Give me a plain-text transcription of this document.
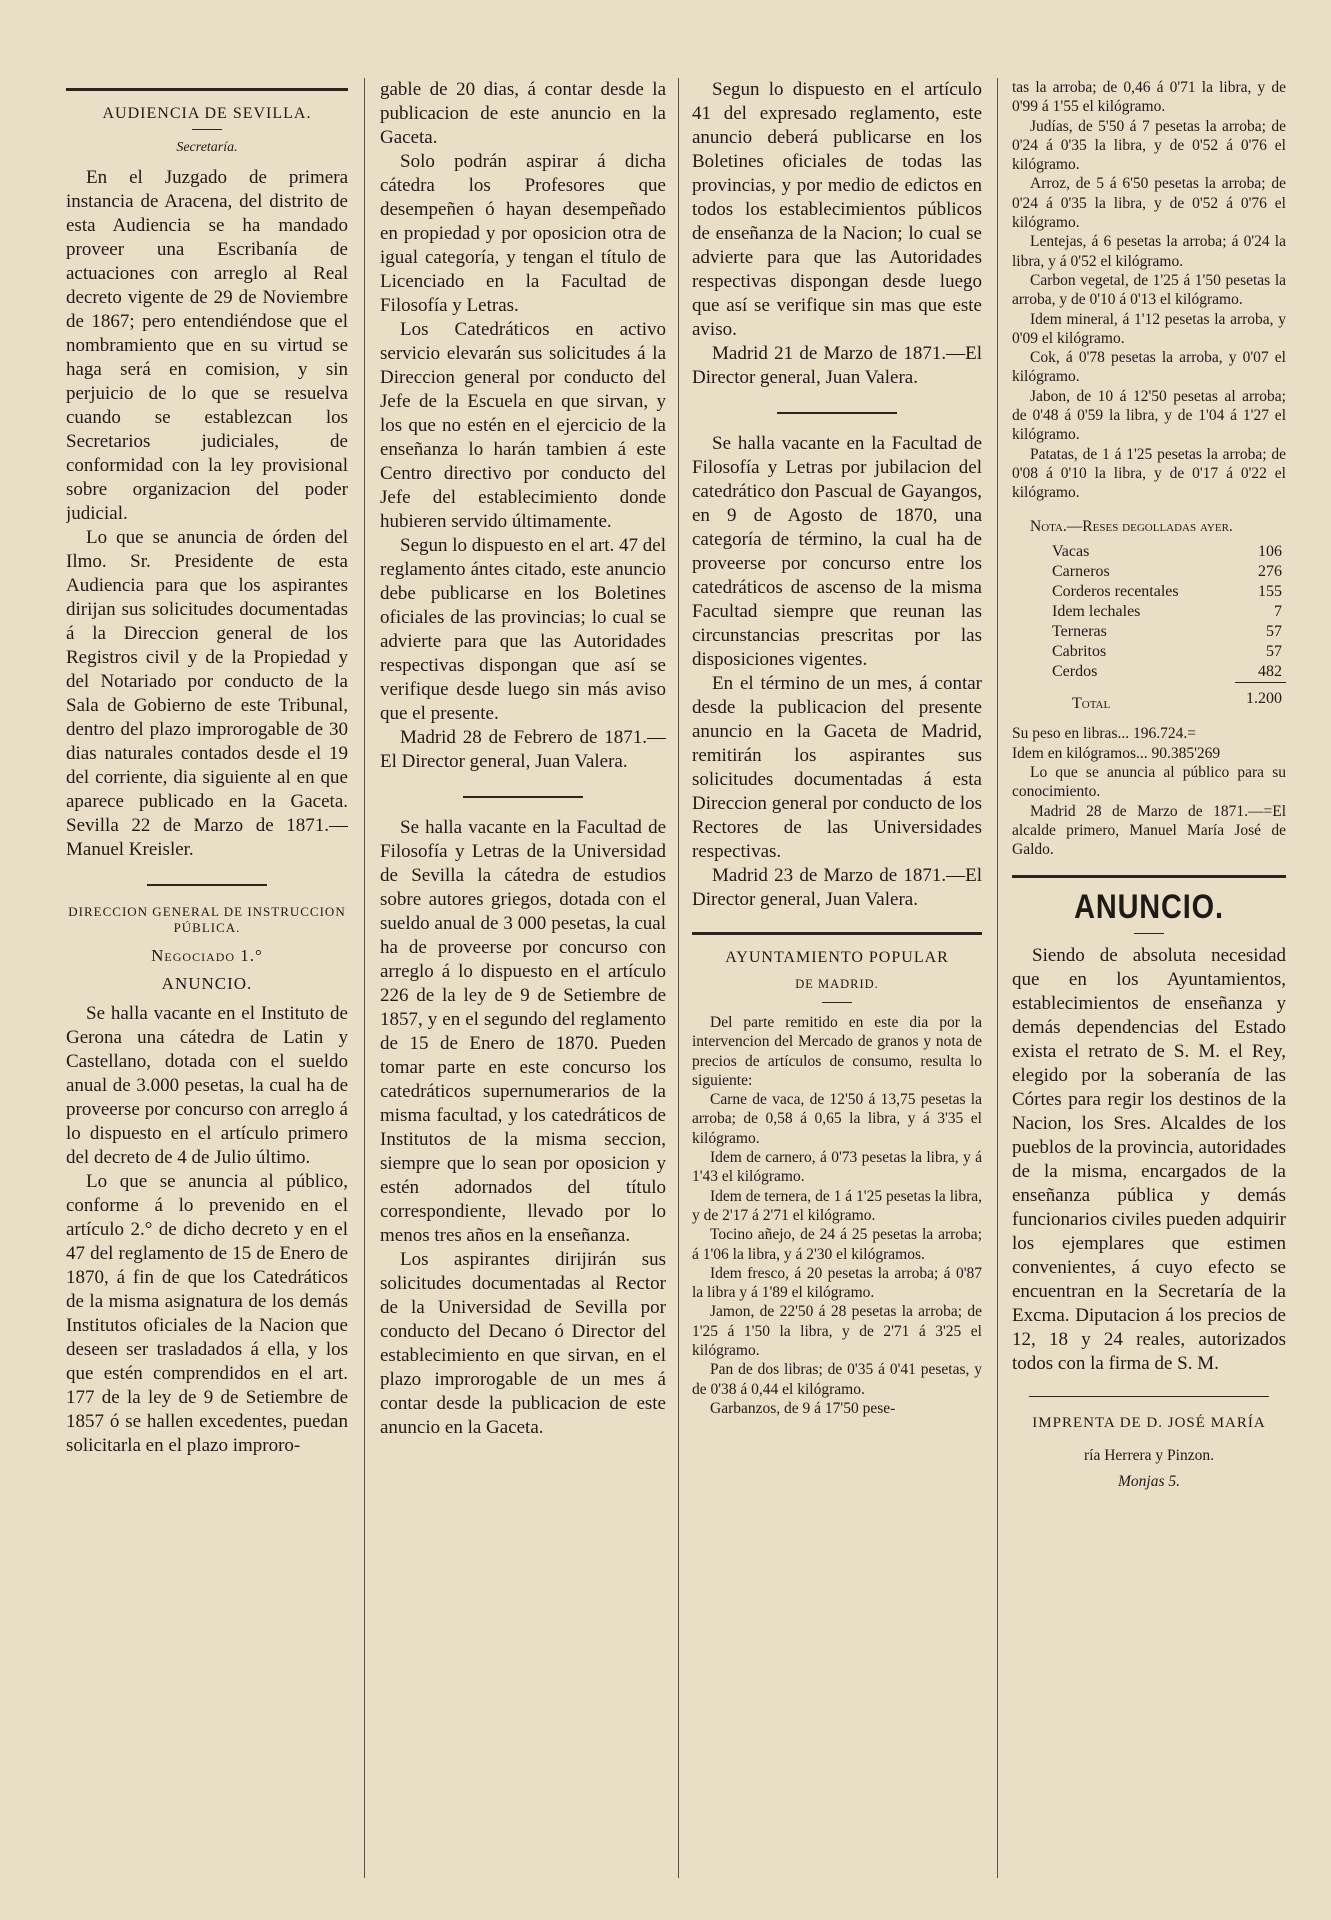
AUDIENCIA DE SEVILLA.
Secretaría.

En el Juzgado de primera instancia de Aracena, del distrito de esta Audiencia se ha mandado proveer una Escribanía de actuaciones con arreglo al Real decreto vigente de 29 de Noviembre de 1867; pero entendiéndose que el nombramiento que en su virtud se haga será en comision, y sin perjuicio de lo que se resuelva cuando se establezcan los Secretarios judiciales, de conformidad con la ley provisional sobre organizacion del poder judicial.

Lo que se anuncia de órden del Ilmo. Sr. Presidente de esta Audiencia para que los aspirantes dirijan sus solicitudes documentadas á la Direccion general de los Registros civil y de la Propiedad y del Notariado por conducto de la Sala de Gobierno de este Tribunal, dentro del plazo improrogable de 30 dias naturales contados desde el 19 del corriente, dia siguiente al en que aparece publicado en la Gaceta. Sevilla 22 de Marzo de 1871.—Manuel Kreisler.

DIRECCION GENERAL DE INSTRUCCION PÚBLICA.
Negociado 1.°
ANUNCIO.

Se halla vacante en el Instituto de Gerona una cátedra de Latin y Castellano, dotada con el sueldo anual de 3.000 pesetas, la cual ha de proveerse por concurso con arreglo á lo dispuesto en el artículo primero del decreto de 4 de Julio último.

Lo que se anuncia al público, conforme á lo prevenido en el artículo 2.° de dicho decreto y en el 47 del reglamento de 15 de Enero de 1870, á fin de que los Catedráticos de la misma asignatura de los demás Institutos oficiales de la Nacion que deseen ser trasladados á ella, y los que estén comprendidos en el art. 177 de la ley de 9 de Setiembre de 1857 ó se hallen excedentes, puedan solicitarla en el plazo improro-

gable de 20 dias, á contar desde la publicacion de este anuncio en la Gaceta.

Solo podrán aspirar á dicha cátedra los Profesores que desempeñen ó hayan desempeñado en propiedad y por oposicion otra de igual categoría, y tengan el título de Licenciado en la Facultad de Filosofía y Letras.

Los Catedráticos en activo servicio elevarán sus solicitudes á la Direccion general por conducto del Jefe de la Escuela en que sirvan, y los que no estén en el ejercicio de la enseñanza lo harán tambien á este Centro directivo por conducto del Jefe del establecimiento donde hubieren servido últimamente.

Segun lo dispuesto en el art. 47 del reglamento ántes citado, este anuncio debe publicarse en los Boletines oficiales de las provincias; lo cual se advierte para que las Autoridades respectivas dispongan que así se verifique desde luego sin más aviso que el presente.

Madrid 28 de Febrero de 1871.—El Director general, Juan Valera.

Se halla vacante en la Facultad de Filosofía y Letras de la Universidad de Sevilla la cátedra de estudios sobre autores griegos, dotada con el sueldo anual de 3 000 pesetas, la cual ha de proveerse por concurso con arreglo á lo dispuesto en el artículo 226 de la ley de 9 de Setiembre de 1857, y en el segundo del reglamento de 15 de Enero de 1870. Pueden tomar parte en este concurso los catedráticos supernumerarios de la misma facultad, y los catedráticos de Institutos de la misma seccion, siempre que lo sean por oposicion y estén adornados del título correspondiente, llevado por lo menos tres años en la enseñanza.

Los aspirantes dirijirán sus solicitudes documentadas al Rector de la Universidad de Sevilla por conducto del Decano ó Director del establecimiento en que sirvan, en el plazo improrogable de un mes á contar desde la publicacion de este anuncio en la Gaceta.

Segun lo dispuesto en el artículo 41 del expresado reglamento, este anuncio deberá publicarse en los Boletines oficiales de todas las provincias, y por medio de edictos en todos los establecimientos públicos de enseñanza de la Nacion; lo cual se advierte para que las Autoridades respectivas dispongan desde luego que así se verifique sin mas que este aviso.

Madrid 21 de Marzo de 1871.—El Director general, Juan Valera.

Se halla vacante en la Facultad de Filosofía y Letras por jubilacion del catedrático don Pascual de Gayangos, en 9 de Agosto de 1870, una categoría de término, la cual ha de proveerse por concurso entre los catedráticos de ascenso de la misma Facultad siempre que reunan las circunstancias prescritas por las disposiciones vigentes.

En el término de un mes, á contar desde la publicacion del presente anuncio en la Gaceta de Madrid, remitirán los aspirantes sus solicitudes documentadas á esta Direccion general por conducto de los Rectores de las Universidades respectivas.

Madrid 23 de Marzo de 1871.—El Director general, Juan Valera.

AYUNTAMIENTO POPULAR
DE MADRID.

Del parte remitido en este dia por la intervencion del Mercado de granos y nota de precios de artículos de consumo, resulta lo siguiente:

Carne de vaca, de 12'50 á 13,75 pesetas la arroba; de 0,58 á 0,65 la libra, y á 3'35 el kilógramo.

Idem de carnero, á 0'73 pesetas la libra, y á 1'43 el kilógramo.

Idem de ternera, de 1 á 1'25 pesetas la libra, y de 2'17 á 2'71 el kilógramo.

Tocino añejo, de 24 á 25 pesetas la arroba; á 1'06 la libra, y á 2'30 el kilógramos.

Idem fresco, á 20 pesetas la arroba; á 0'87 la libra y á 1'89 el kilógramo.

Jamon, de 22'50 á 28 pesetas la arroba; de 1'25 á 1'50 la libra, y de 2'71 á 3'25 el kilógramo.

Pan de dos libras; de 0'35 á 0'41 pesetas, y de 0'38 á 0,44 el kilógramo.

Garbanzos, de 9 á 17'50 pese-

tas la arroba; de 0,46 á 0'71 la libra, y de 0'99 á 1'55 el kilógramo.

Judías, de 5'50 á 7 pesetas la arroba; de 0'24 á 0'35 la libra, y de 0'52 á 0'76 el kilógramo.

Arroz, de 5 á 6'50 pesetas la arroba; de 0'24 á 0'35 la libra, y de 0'52 á 0'76 el kilógramo.

Lentejas, á 6 pesetas la arroba; á 0'24 la libra, y á 0'52 el kilógramo.

Carbon vegetal, de 1'25 á 1'50 pesetas la arroba, y de 0'10 á 0'13 el kilógramo.

Idem mineral, á 1'12 pesetas la arroba, y 0'09 el kilógramo.

Cok, á 0'78 pesetas la arroba, y 0'07 el kilógramo.

Jabon, de 10 á 12'50 pesetas al arroba; de 0'48 á 0'59 la libra, y de 1'04 á 1'27 el kilógramo.

Patatas, de 1 á 1'25 pesetas la arroba; de 0'08 á 0'10 la libra, y de 0'17 á 0'22 el kilógramo.

Nota.—Reses degolladas ayer.

Vacas	106
Carneros	276
Corderos recentales	155
Idem lechales	7
Terneras	57
Cabritos	57
Cerdos	482
Total	1.200

Su peso en libras... 196.724.=

Idem en kilógramos... 90.385'269

Lo que se anuncia al público para su conocimiento.

Madrid 28 de Marzo de 1871.—=El alcalde primero, Manuel María José de Galdo.

ANUNCIO.

Siendo de absoluta necesidad que en los Ayuntamientos, establecimientos de enseñanza y demás dependencias del Estado exista el retrato de S. M. el Rey, elegido por la soberanía de las Córtes para regir los destinos de la Nacion, los Sres. Alcaldes de los pueblos de la provincia, autoridades de la misma, encargados de la enseñanza pública y demás funcionarios civiles pueden adquirir los ejemplares que estimen convenientes, á cuyo efecto se encuentran en la Secretaría de la Excma. Diputacion á los precios de 12, 18 y 24 reales, autorizados todos con la firma de S. M.

IMPRENTA DE D. JOSÉ MARÍA
ría Herrera y Pinzon.
Monjas 5.
